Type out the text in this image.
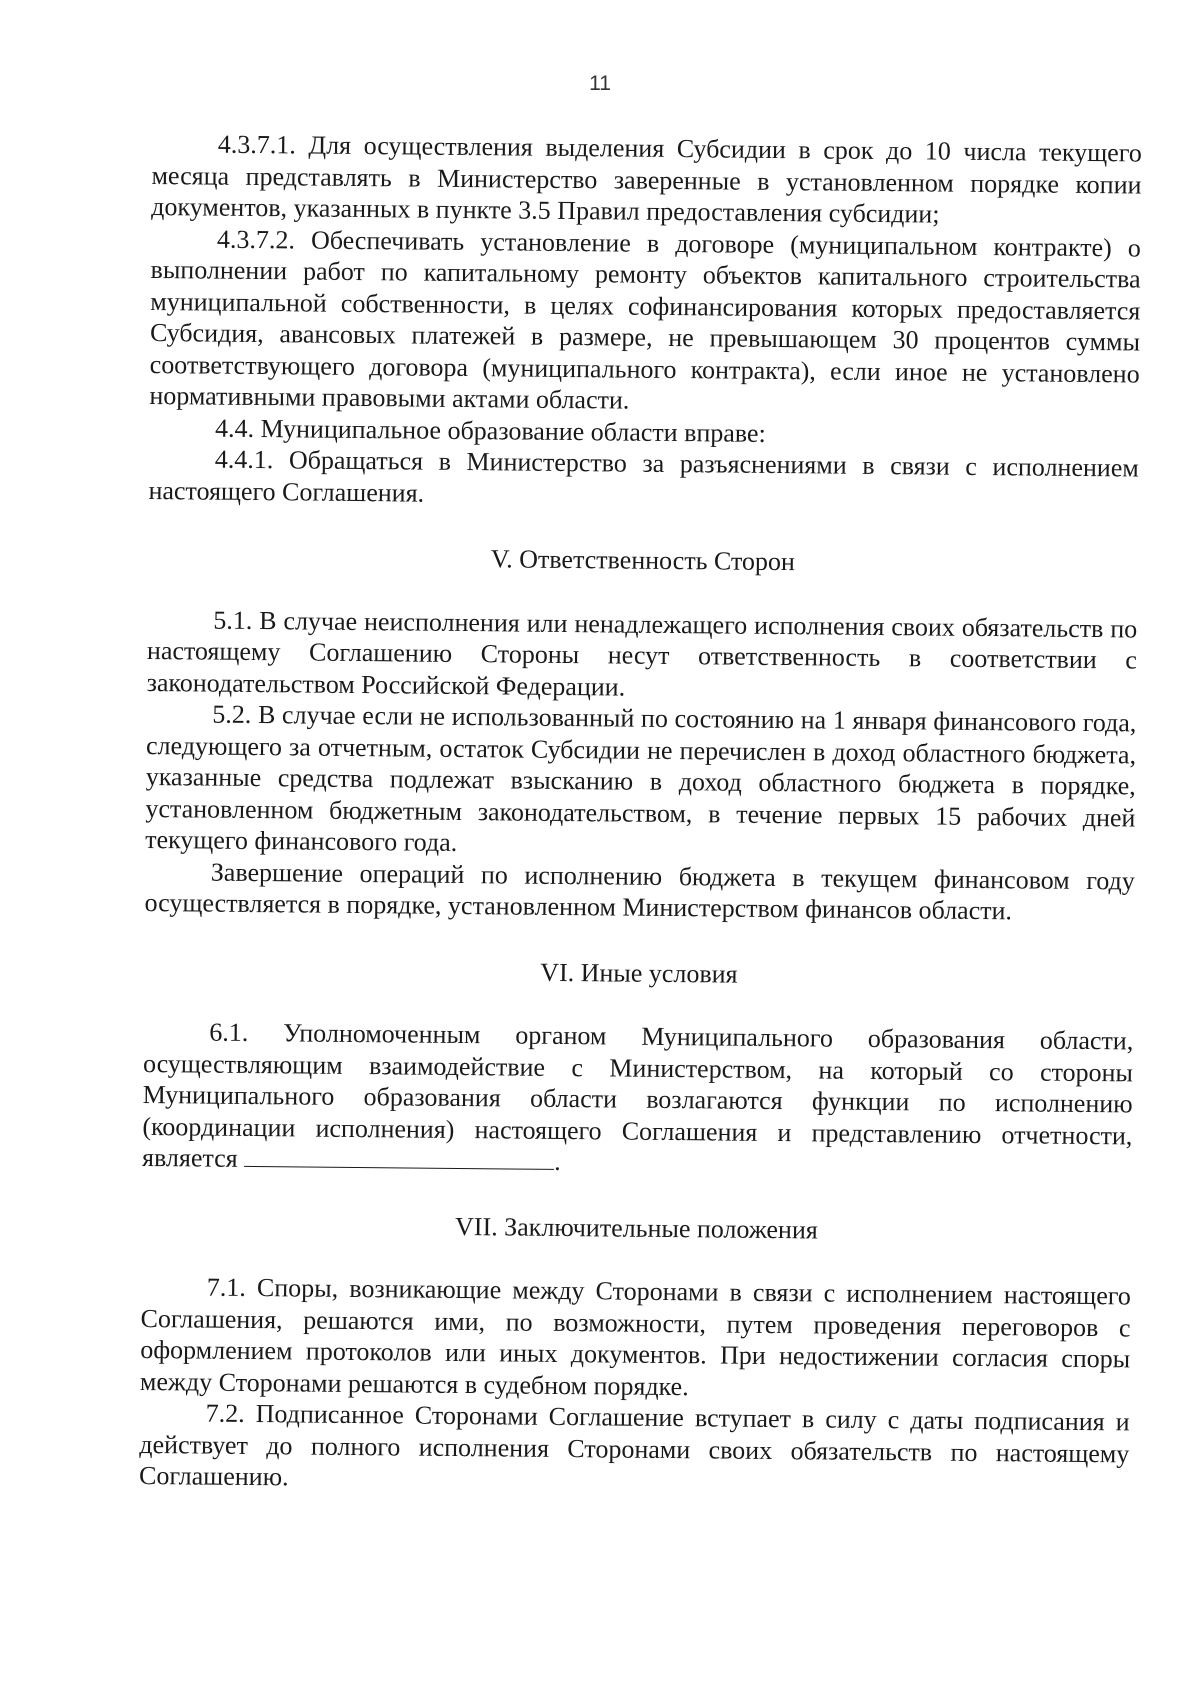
11

4.3.7.1. Для осуществления выделения Субсидии в срок до 10 числа текущего месяца представлять в Министерство заверенные в установленном порядке копии документов, указанных в пункте 3.5 Правил предоставления субсидии;

4.3.7.2. Обеспечивать установление в договоре (муниципальном контракте) о выполнении работ по капитальному ремонту объектов капитального строительства муниципальной собственности, в целях софинансирования которых предоставляется Субсидия, авансовых платежей в размере, не превышающем 30 процентов суммы соответствующего договора (муниципального контракта), если иное не установлено нормативными правовыми актами области.

4.4. Муниципальное образование области вправе:

4.4.1. Обращаться в Министерство за разъяснениями в связи с исполнением настоящего Соглашения.

V. Ответственность Сторон

5.1. В случае неисполнения или ненадлежащего исполнения своих обязательств по настоящему Соглашению Стороны несут ответственность в соответствии с законодательством Российской Федерации.

5.2. В случае если не использованный по состоянию на 1 января финансового года, следующего за отчетным, остаток Субсидии не перечислен в доход областного бюджета, указанные средства подлежат взысканию в доход областного бюджета в порядке, установленном бюджетным законодательством, в течение первых 15 рабочих дней текущего финансового года.

Завершение операций по исполнению бюджета в текущем финансовом году осуществляется в порядке, установленном Министерством финансов области.

VI. Иные условия

6.1. Уполномоченным органом Муниципального образования области, осуществляющим взаимодействие с Министерством, на который со стороны Муниципального образования области возлагаются функции по исполнению (координации исполнения) настоящего Соглашения и представлению отчетности, является	.

VII. Заключительные положения

7.1. Споры, возникающие между Сторонами в связи с исполнением настоящего Соглашения, решаются ими, по возможности, путем проведения переговоров с оформлением протоколов или иных документов. При недостижении согласия споры между Сторонами решаются в судебном порядке.

7.2. Подписанное Сторонами Соглашение вступает в силу с даты подписания и действует до полного исполнения Сторонами своих обязательств по настоящему Соглашению.
